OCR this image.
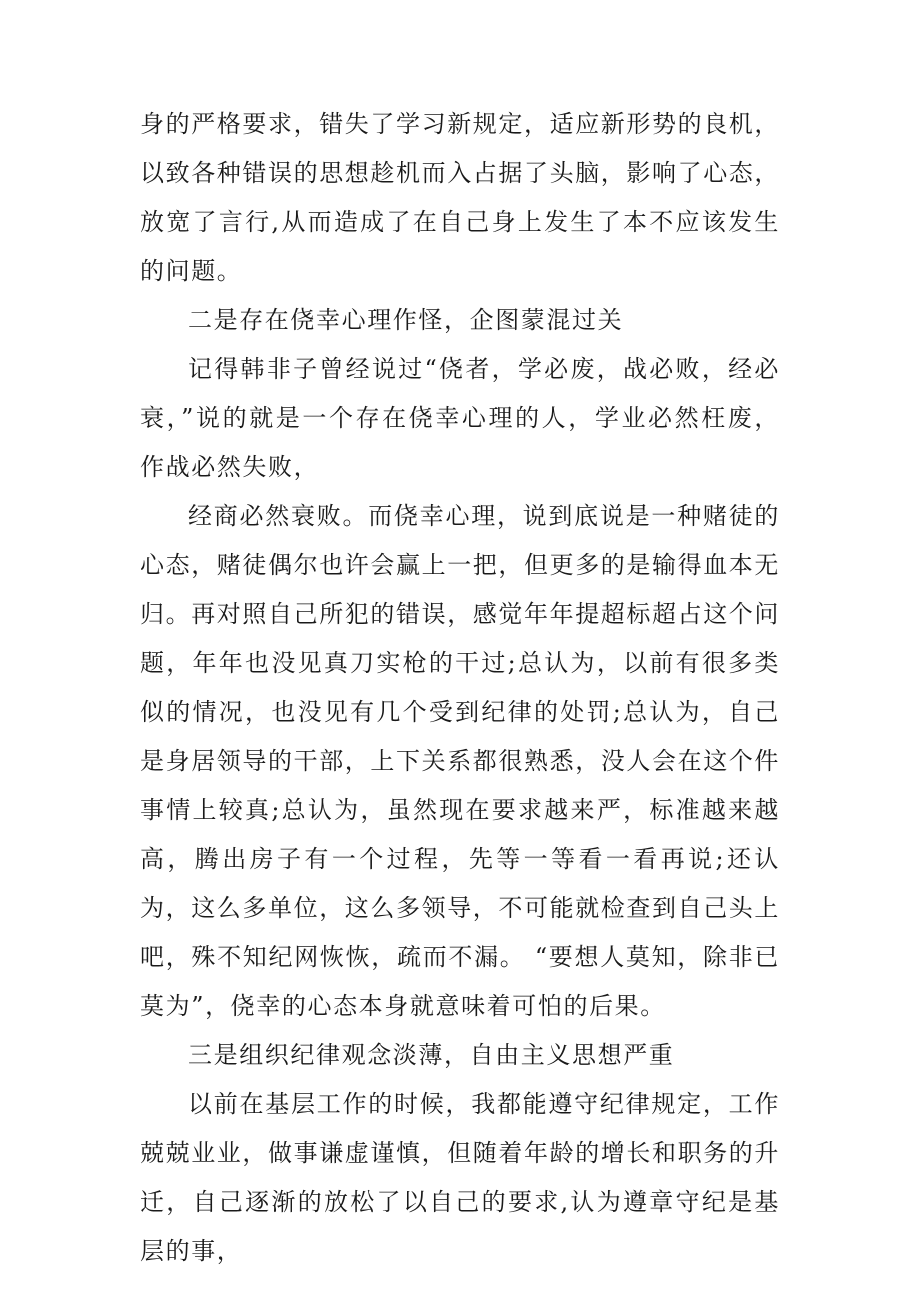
身的严格要求，错失了学习新规定，适应新形势的良机，以致各种错误的思想趁机而入占据了头脑，影响了心态，放宽了言行,从而造成了在自己身上发生了本不应该发生的问题。

二是存在侥幸心理作怪，企图蒙混过关

记得韩非子曾经说过“侥者，学必废，战必败，经必衰，”说的就是一个存在侥幸心理的人，学业必然枉废，作战必然失败，

经商必然衰败。而侥幸心理，说到底说是一种赌徒的心态，赌徒偶尔也许会赢上一把，但更多的是输得血本无归。再对照自己所犯的错误，感觉年年提超标超占这个问题，年年也没见真刀实枪的干过;总认为，以前有很多类似的情况，也没见有几个受到纪律的处罚;总认为，自己是身居领导的干部，上下关系都很熟悉，没人会在这个件事情上较真;总认为，虽然现在要求越来严，标准越来越高，腾出房子有一个过程，先等一等看一看再说;还认为，这么多单位，这么多领导，不可能就检查到自己头上吧，殊不知纪网恢恢，疏而不漏。 “要想人莫知，除非已莫为”，侥幸的心态本身就意味着可怕的后果。

三是组织纪律观念淡薄，自由主义思想严重

以前在基层工作的时候，我都能遵守纪律规定，工作兢兢业业，做事谦虚谨慎，但随着年龄的增长和职务的升迁，自己逐渐的放松了以自己的要求,认为遵章守纪是基层的事，
